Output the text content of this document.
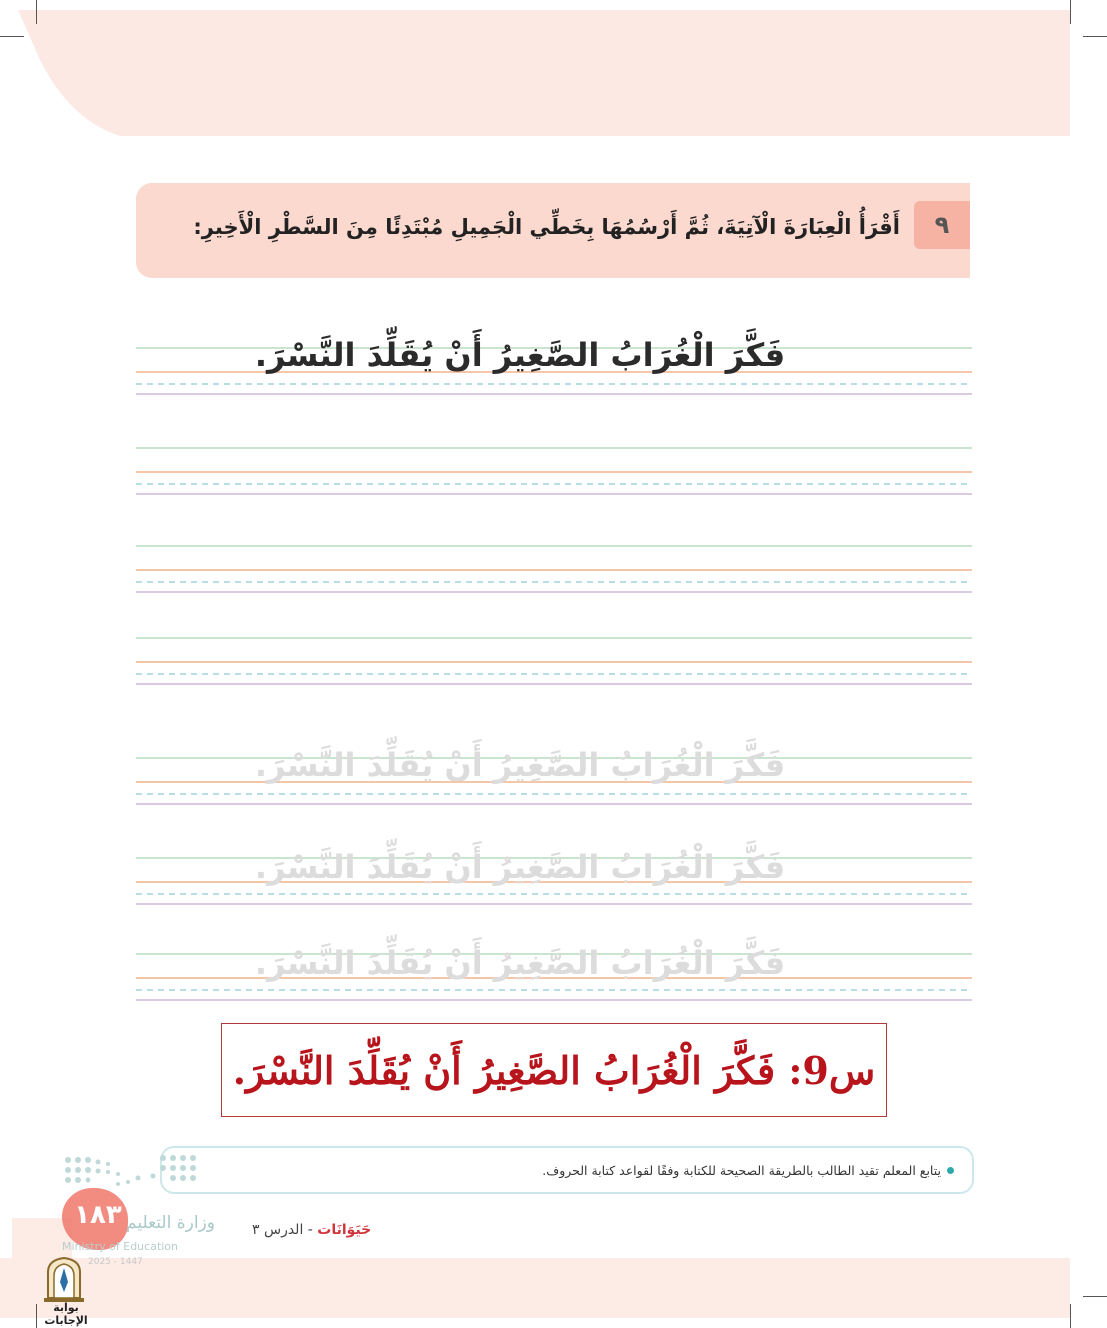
٩
أَقْرَأُ الْعِبَارَةَ الْآتِيَةَ، ثُمَّ أَرْسُمُهَا بِخَطِّي الْجَمِيلِ مُبْتَدِئًا مِنَ السَّطْرِ الْأَخِيرِ:
فَكَّرَ الْغُرَابُ الصَّغِيرُ أَنْ يُقَلِّدَ النَّسْرَ.
فَكَّرَ الْغُرَابُ الصَّغِيرُ أَنْ يُقَلِّدَ النَّسْرَ.
فَكَّرَ الْغُرَابُ الصَّغِيرُ أَنْ يُقَلِّدَ النَّسْرَ.
فَكَّرَ الْغُرَابُ الصَّغِيرُ أَنْ يُقَلِّدَ النَّسْرَ.
س9: فَكَّرَ الْغُرَابُ الصَّغِيرُ أَنْ يُقَلِّدَ النَّسْرَ.
يتابع المعلم تقيد الطالب بالطريقة الصحيحة للكتابة وفقًا لقواعد كتابة الحروف.
حَيَوَانَات - الدرس ٣
١٨٣ وزارة التعليم
Ministry of Education
2025 - 1447
بوابة الإجابات
